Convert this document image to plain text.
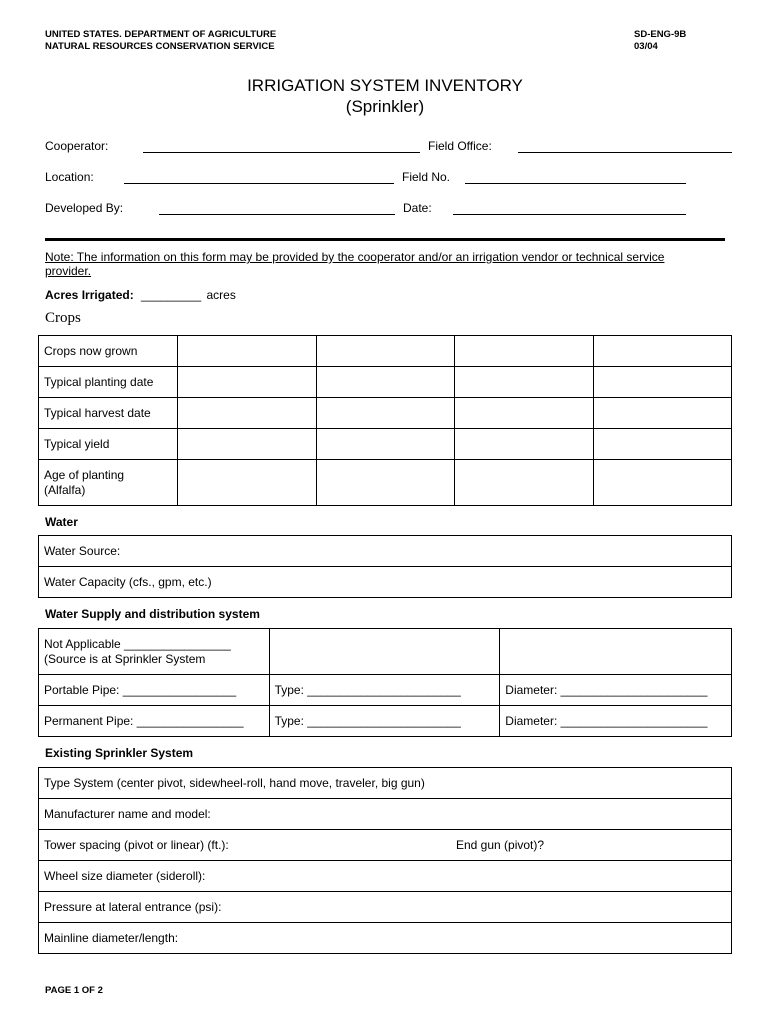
UNITED STATES. DEPARTMENT OF AGRICULTURE
NATURAL RESOURCES CONSERVATION SERVICE
SD-ENG-9B
03/04
IRRIGATION SYSTEM INVENTORY
(Sprinkler)
Cooperator:	Field Office:
Location:	Field No.
Developed By:	Date:
Note: The information on this form may be provided by the cooperator and/or an irrigation vendor or technical service provider.
Acres Irrigated: _________ acres
Crops
Crops now grown				
Typical planting date				
Typical harvest date				
Typical yield				

Age of planting
(Alfalfa)				

Water
Water Source:
Water Capacity (cfs., gpm, etc.)
Water Supply and distribution system
Not Applicable ________________
(Source is at Sprinkler System		

Portable Pipe: _________________	Type: _______________________	Diameter: ______________________
Permanent Pipe: ________________	Type: _______________________	Diameter: ______________________
Existing Sprinkler System
Type System (center pivot, sidewheel-roll, hand move, traveler, big gun)
Manufacturer name and model:
Tower spacing (pivot or linear) (ft.):	End gun (pivot)?
Wheel size diameter (sideroll):
Pressure at lateral entrance (psi):
Mainline diameter/length:
PAGE 1 OF 2
